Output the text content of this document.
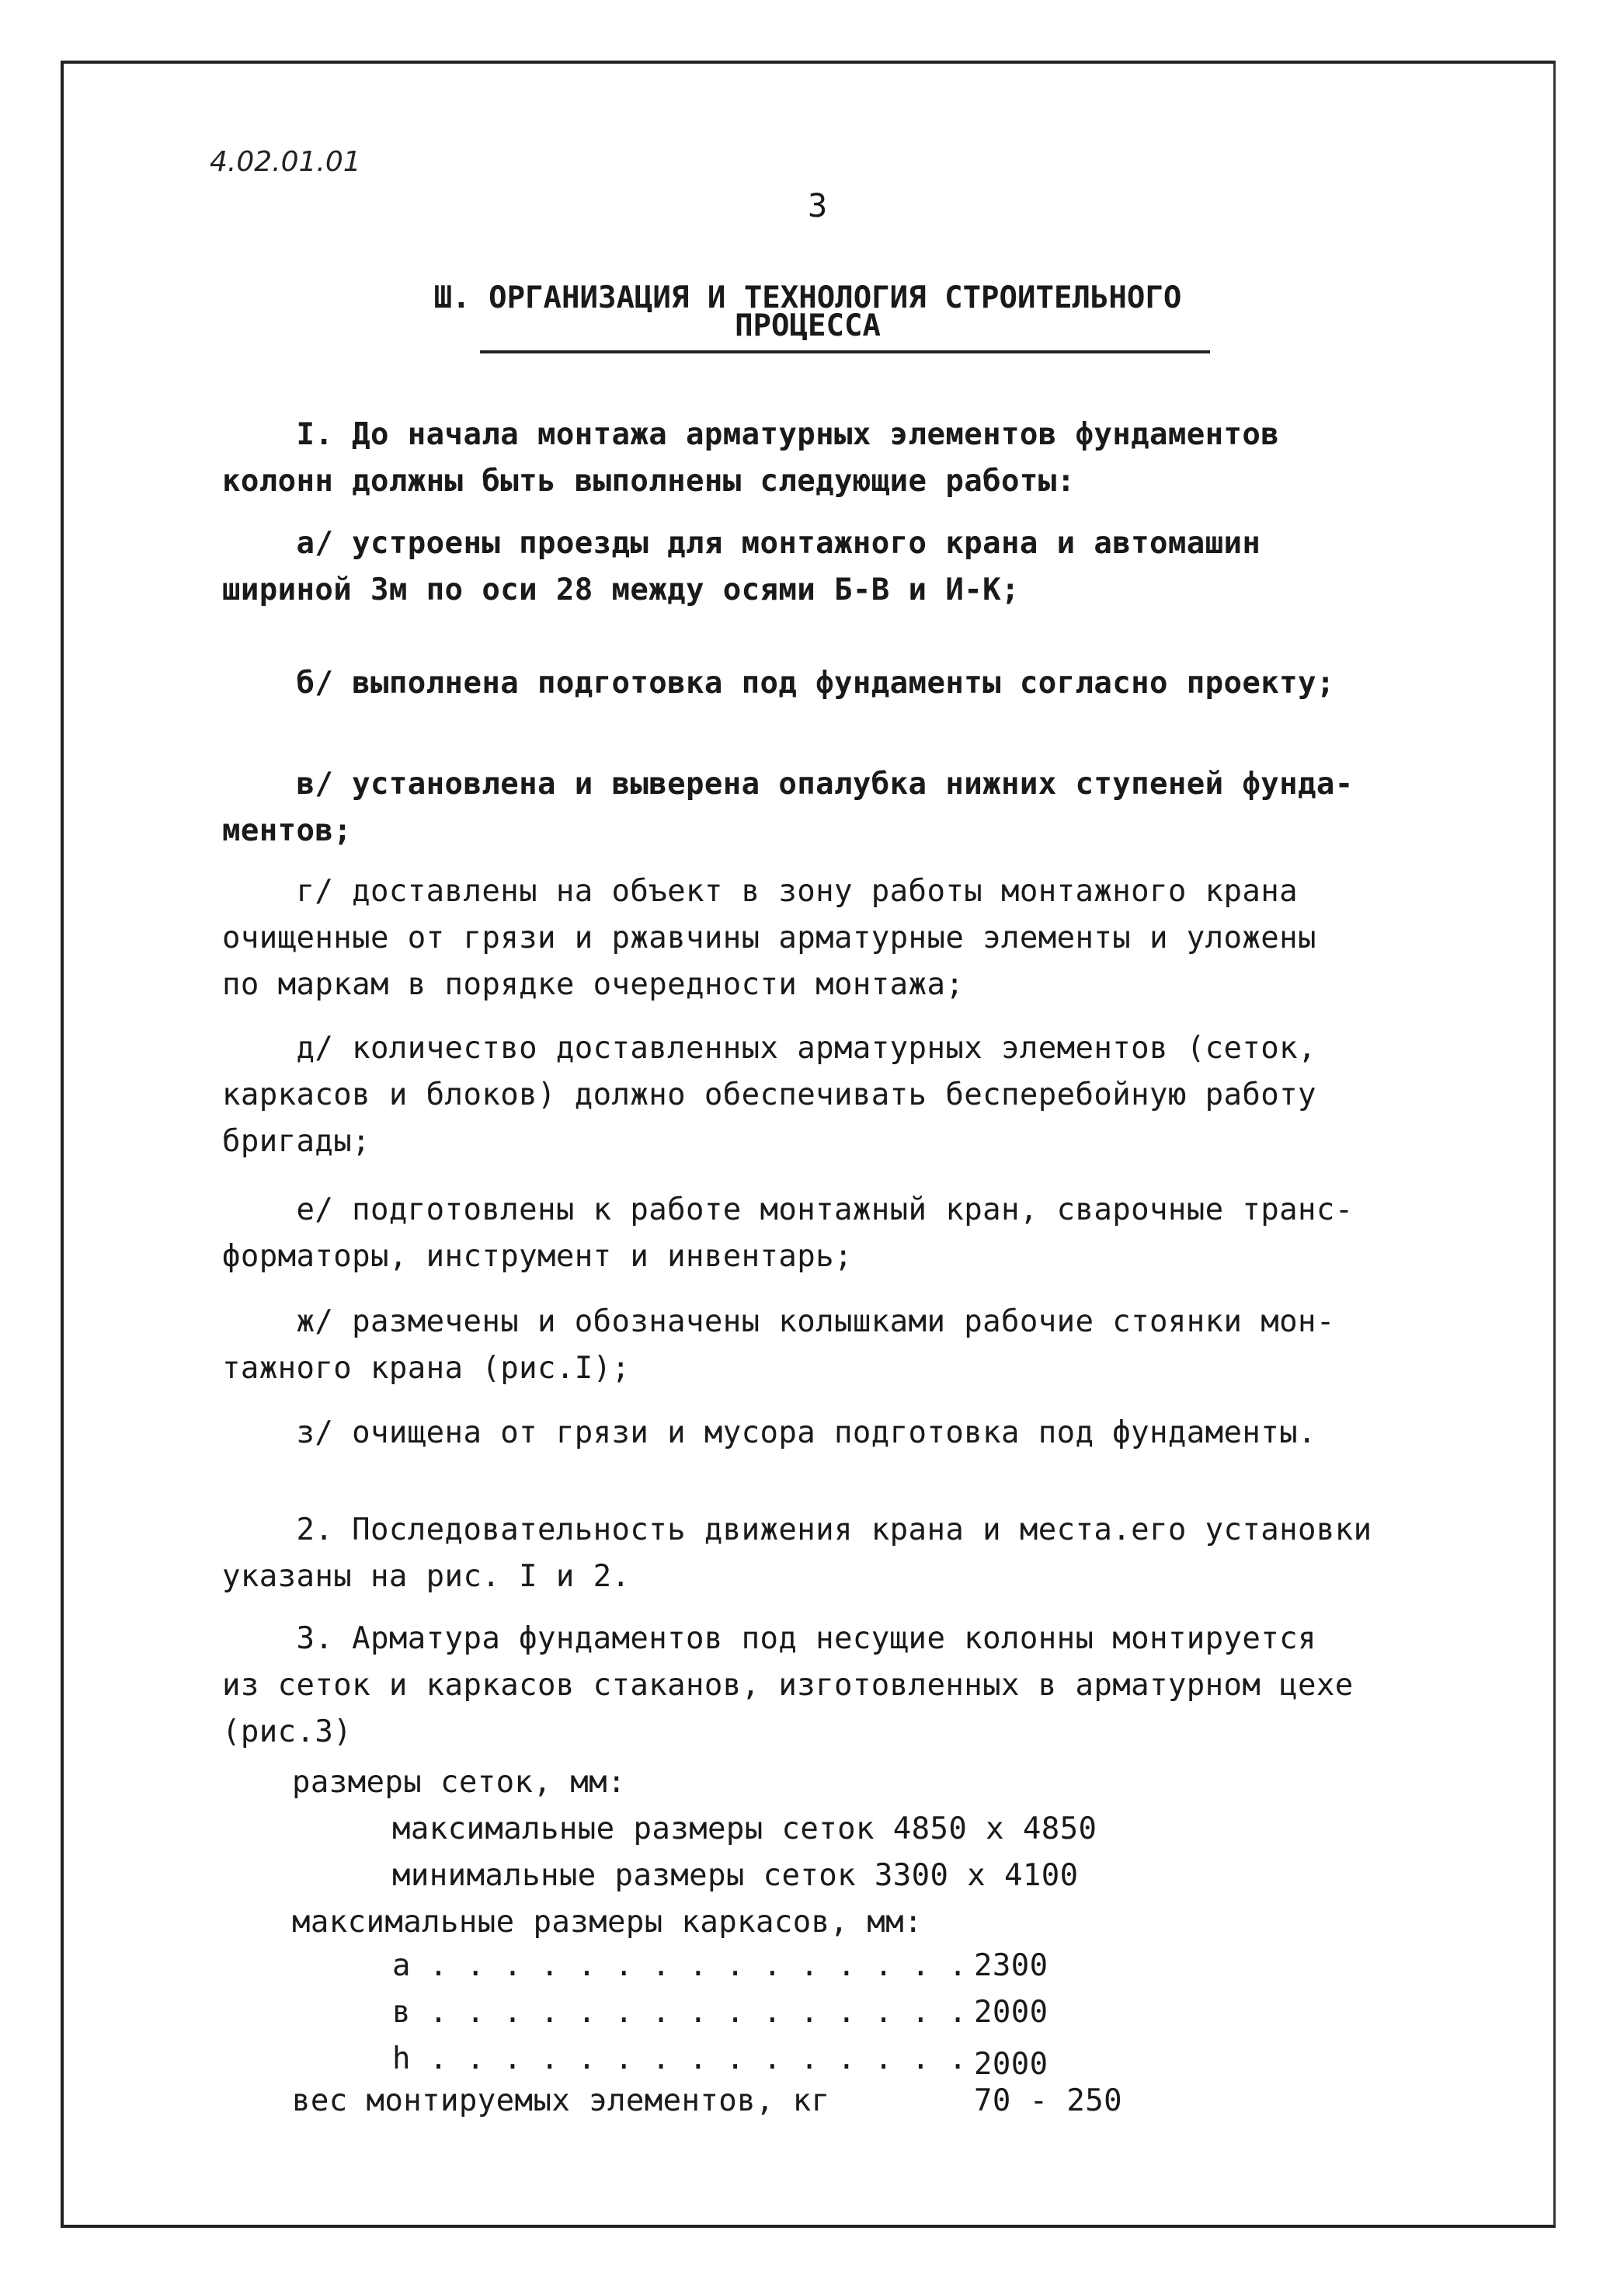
4.02.01.01
3
Ш. ОРГАНИЗАЦИЯ И ТЕХНОЛОГИЯ СТРОИТЕЛЬНОГО
ПРОЦЕССА
I. До начала монтажа арматурных элементов фундаментов
колонн должны быть выполнены следующие работы:
а/ устроены проезды для монтажного крана и автомашин
шириной 3м по оси 28 между осями Б-В и И-К;
б/ выполнена подготовка под фундаменты согласно проекту;
в/ установлена и выверена опалубка нижних ступеней фунда-
ментов;
г/ доставлены на объект в зону работы монтажного крана
очищенные от грязи и ржавчины арматурные элементы и уложены
по маркам в порядке очередности монтажа;
д/ количество доставленных арматурных элементов (сеток,
каркасов и блоков) должно обеспечивать бесперебойную работу
бригады;
е/ подготовлены к работе монтажный кран, сварочные транс-
форматоры, инструмент и инвентарь;
ж/ размечены и обозначены колышками рабочие стоянки мон-
тажного крана (рис.I);
з/ очищена от грязи и мусора подготовка под фундаменты.
2. Последовательность движения крана и места.его установки
указаны на рис. I и 2.
3. Арматура фундаментов под несущие колонны монтируется
из сеток и каркасов стаканов, изготовленных в арматурном цехе
(рис.3)
размеры сеток, мм:
максимальные размеры сеток 4850 х 4850
минимальные размеры сеток 3300 х 4100
максимальные размеры каркасов, мм:
а . . . . . . . . . . . . . . . 2300
в . . . . . . . . . . . . . . . 2000
h . . . . . . . . . . . . . . . 2000
вес монтируемых элементов, кг	70 - 250
